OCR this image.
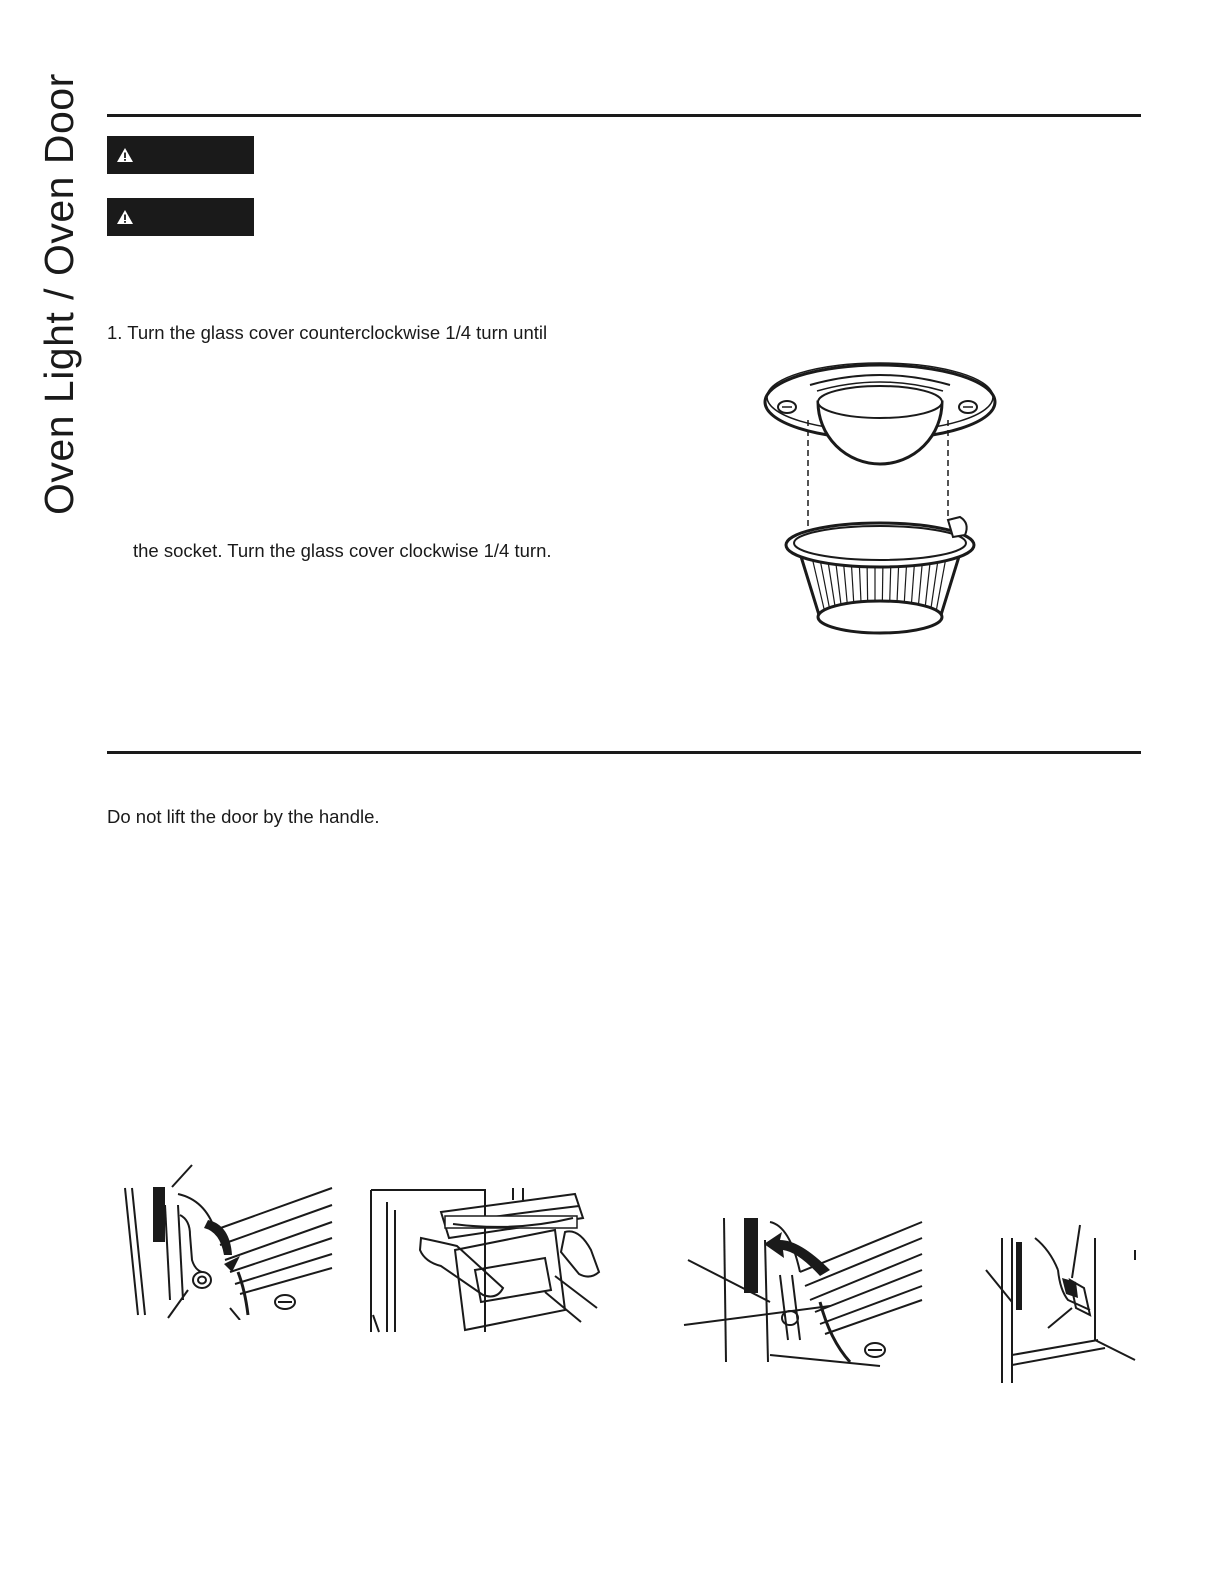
Oven Light / Oven Door 1. Turn the glass cover counterclockwise 1/4 turn until
the socket. Turn the glass cover clockwise 1/4 turn.
Do not lift the door by the handle.
